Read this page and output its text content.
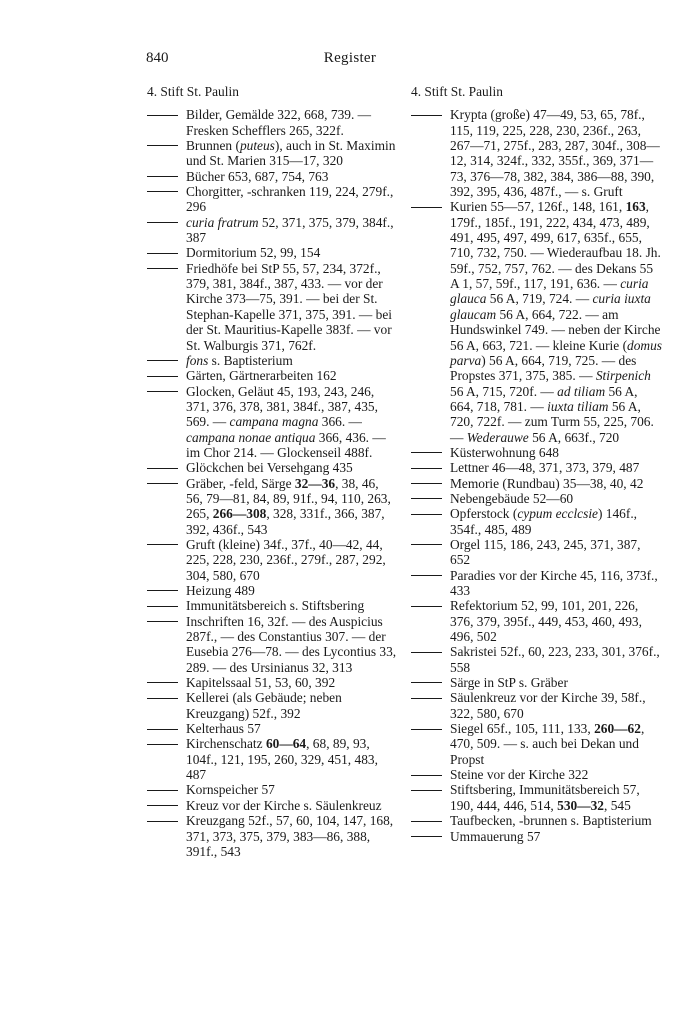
840	Register
4. Stift St. Paulin
Bilder, Gemälde 322, 668, 739. — Fresken Schefflers 265, 322f.
Brunnen (puteus), auch in St. Maximin und St. Marien 315—17, 320
Bücher 653, 687, 754, 763
Chorgitter, -schranken 119, 224, 279f., 296
curia fratrum 52, 371, 375, 379, 384f., 387
Dormitorium 52, 99, 154
Friedhöfe bei StP 55, 57, 234, 372f., 379, 381, 384f., 387, 433. — vor der Kirche 373—75, 391. — bei der St. Stephan-Kapelle 371, 375, 391. — bei der St. Mauritius-Kapelle 383f. — vor St. Walburgis 371, 762f.
fons s. Baptisterium
Gärten, Gärtnerarbeiten 162
Glocken, Geläut 45, 193, 243, 246, 371, 376, 378, 381, 384f., 387, 435, 569. — campana magna 366. — campana nonae antiqua 366, 436. — im Chor 214. — Glockenseil 488f.
Glöckchen bei Versehgang 435
Gräber, -feld, Särge 32—36, 38, 46, 56, 79—81, 84, 89, 91f., 94, 110, 263, 265, 266—308, 328, 331f., 366, 387, 392, 436f., 543
Gruft (kleine) 34f., 37f., 40—42, 44, 225, 228, 230, 236f., 279f., 287, 292, 304, 580, 670
Heizung 489
Immunitätsbereich s. Stiftsbering
Inschriften 16, 32f. — des Auspicius 287f., — des Constantius 307. — der Eusebia 276—78. — des Lycontius 33, 289. — des Ursinianus 32, 313
Kapitelssaal 51, 53, 60, 392
Kellerei (als Gebäude; neben Kreuzgang) 52f., 392
Kelterhaus 57
Kirchenschatz 60—64, 68, 89, 93, 104f., 121, 195, 260, 329, 451, 483, 487
Kornspeicher 57
Kreuz vor der Kirche s. Säulenkreuz
Kreuzgang 52f., 57, 60, 104, 147, 168, 371, 373, 375, 379, 383—86, 388, 391f., 543
4. Stift St. Paulin
Krypta (große) 47—49, 53, 65, 78f., 115, 119, 225, 228, 230, 236f., 263, 267—71, 275f., 283, 287, 304f., 308—12, 314, 324f., 332, 355f., 369, 371—73, 376—78, 382, 384, 386—88, 390, 392, 395, 436, 487f., — s. Gruft
Kurien 55—57, 126f., 148, 161, 163, 179f., 185f., 191, 222, 434, 473, 489, 491, 495, 497, 499, 617, 635f., 655, 710, 732, 750. — Wiederaufbau 18. Jh. 59f., 752, 757, 762. — des Dekans 55 A 1, 57, 59f., 117, 191, 636. — curia glauca 56 A, 719, 724. — curia iuxta glaucam 56 A, 664, 722. — am Hundswinkel 749. — neben der Kirche 56 A, 663, 721. — kleine Kurie (domus parva) 56 A, 664, 719, 725. — des Propstes 371, 375, 385. — Stirpenich 56 A, 715, 720f. — ad tiliam 56 A, 664, 718, 781. — iuxta tiliam 56 A, 720, 722f. — zum Turm 55, 225, 706. — Wederauwe 56 A, 663f., 720
Küsterwohnung 648
Lettner 46—48, 371, 373, 379, 487
Memorie (Rundbau) 35—38, 40, 42
Nebengebäude 52—60
Opferstock (cypum ecclcsie) 146f., 354f., 485, 489
Orgel 115, 186, 243, 245, 371, 387, 652
Paradies vor der Kirche 45, 116, 373f., 433
Refektorium 52, 99, 101, 201, 226, 376, 379, 395f., 449, 453, 460, 493, 496, 502
Sakristei 52f., 60, 223, 233, 301, 376f., 558
Särge in StP s. Gräber
Säulenkreuz vor der Kirche 39, 58f., 322, 580, 670
Siegel 65f., 105, 111, 133, 260—62, 470, 509. — s. auch bei Dekan und Propst
Steine vor der Kirche 322
Stiftsbering, Immunitätsbereich 57, 190, 444, 446, 514, 530—32, 545
Taufbecken, -brunnen s. Baptisterium
Ummauerung 57
